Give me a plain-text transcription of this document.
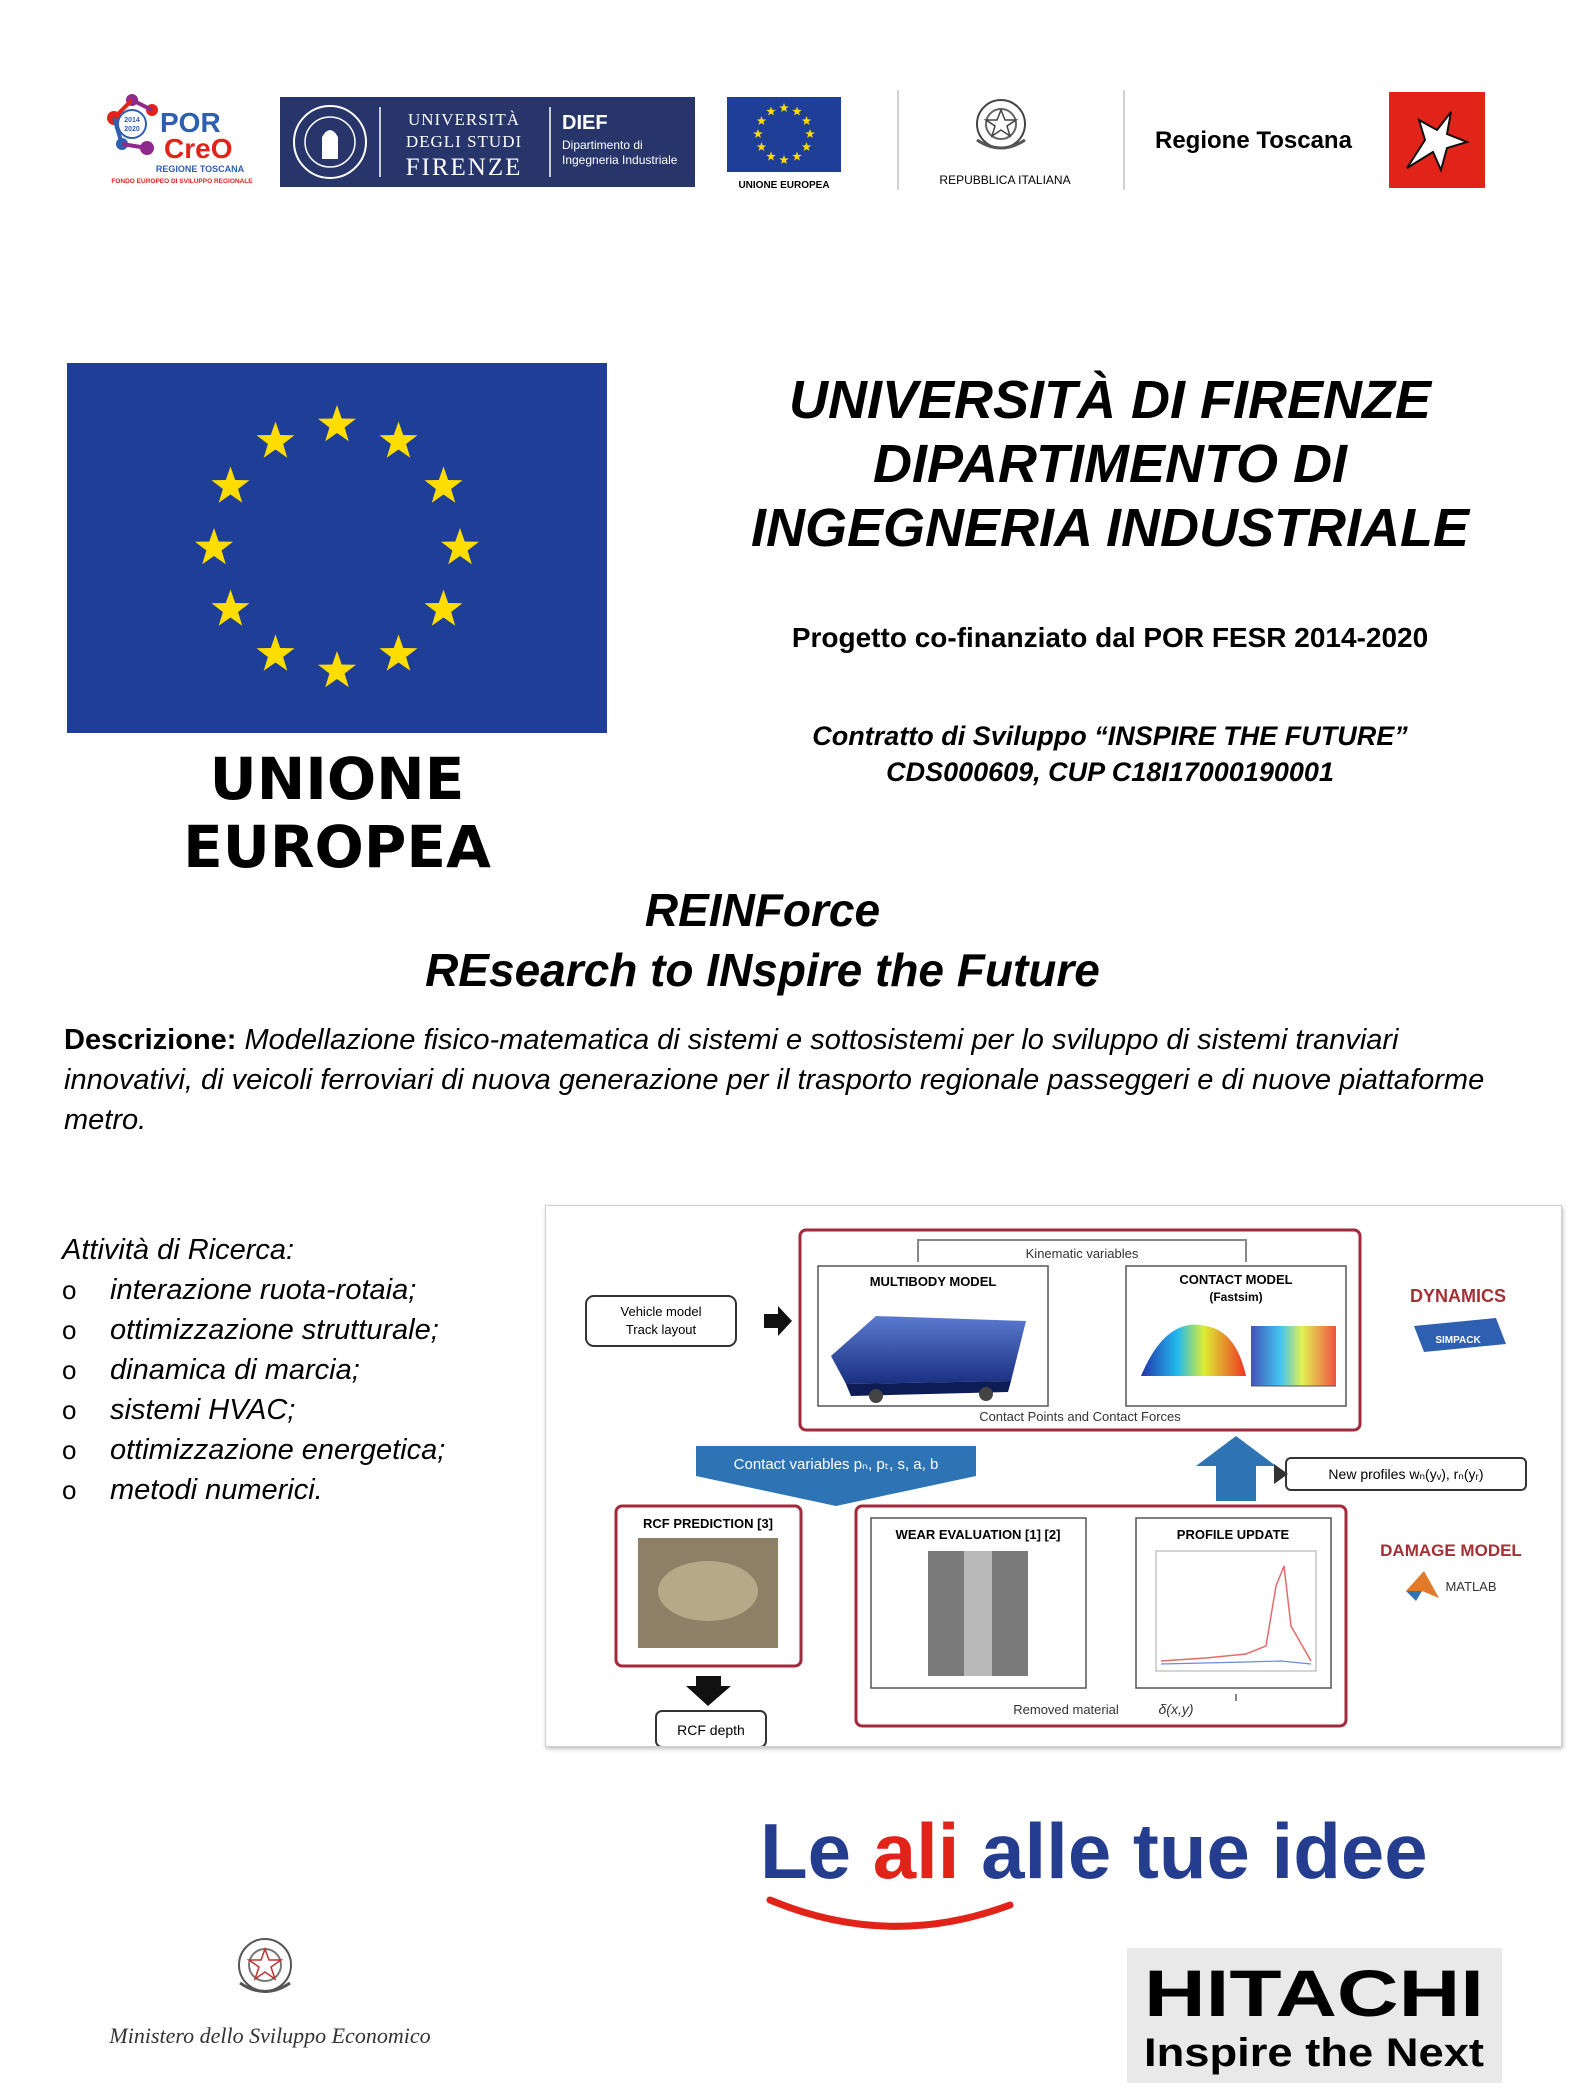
2014
2020 POR
CreO
REGIONE TOSCANA
FONDO EUROPEO DI SVILUPPO REGIONALE
UNIVERSITÀ
DEGLI STUDI
FIRENZE
DIEF
Dipartimento di
Ingegneria Industriale
UNIONE EUROPEA	REPUBBLICA ITALIANA
Regione Toscana
UNIONE EUROPEA
UNIVERSITÀ DI FIRENZE
DIPARTIMENTO DI
INGEGNERIA INDUSTRIALE
Progetto co-finanziato dal POR FESR 2014-2020
Contratto di Sviluppo “INSPIRE THE FUTURE”
CDS000609, CUP C18I17000190001
REINForce
REsearch to INspire the Future
Descrizione: Modellazione fisico-matematica di sistemi e sottosistemi per lo sviluppo di sistemi tranviari innovativi, di veicoli ferroviari di nuova generazione per il trasporto regionale passeggeri e di nuove piattaforme metro.
Attività di Ricerca:
o interazione ruota-rotaia;
o ottimizzazione strutturale;
o dinamica di marcia;
o sistemi HVAC;
o ottimizzazione energetica;
o metodi numerici.
Kinematic variables
MULTIBODY MODEL	CONTACT MODEL
(Fastsim)
Vehicle model
Track layout
Contact Points and Contact Forces
DYNAMICS
SIMPACK
Contact variables pₙ, pₜ, s, a, b
New profiles wₙ(yᵥ), rₙ(yᵣ)
RCF PREDICTION [3]
RCF depth
WEAR EVALUATION [1] [2]	PROFILE UPDATE
Removed material	δ(x,y)
DAMAGE MODEL
MATLAB
Le ali alle tue idee
Ministero dello Sviluppo Economico
HITACHI
Inspire the Next
